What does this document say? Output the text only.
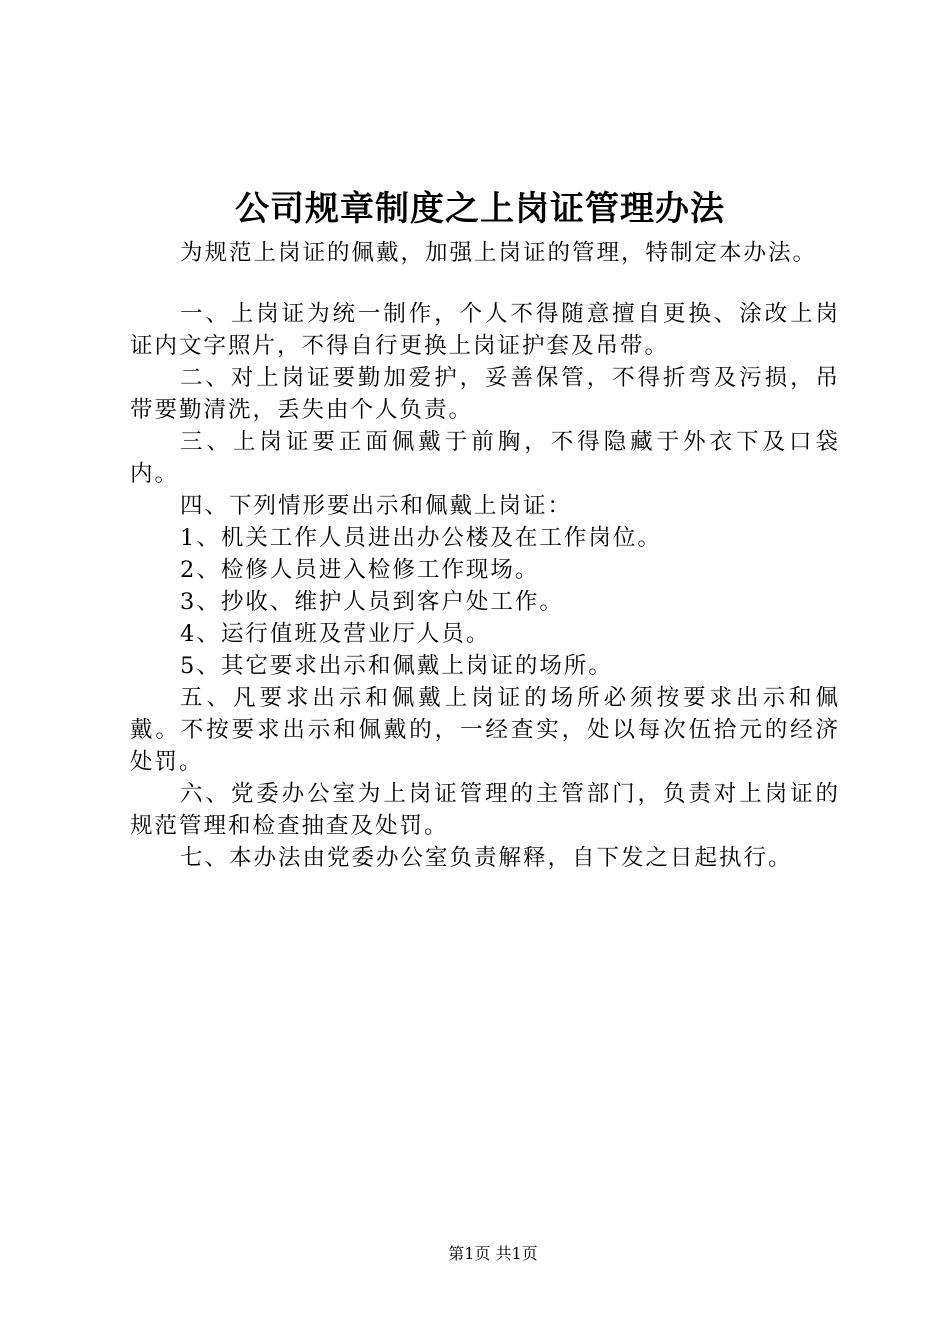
公司规章制度之上岗证管理办法
为规范上岗证的佩戴，加强上岗证的管理，特制定本办法。

一、上岗证为统一制作，个人不得随意擅自更换、涂改上岗证内文字照片，不得自行更换上岗证护套及吊带。

二、对上岗证要勤加爱护，妥善保管，不得折弯及污损，吊带要勤清洗，丢失由个人负责。

三、上岗证要正面佩戴于前胸，不得隐藏于外衣下及口袋内。

四、下列情形要出示和佩戴上岗证：

1、机关工作人员进出办公楼及在工作岗位。

2、检修人员进入检修工作现场。

3、抄收、维护人员到客户处工作。

4、运行值班及营业厅人员。

5、其它要求出示和佩戴上岗证的场所。

五、凡要求出示和佩戴上岗证的场所必须按要求出示和佩戴。不按要求出示和佩戴的，一经查实，处以每次伍拾元的经济处罚。

六、党委办公室为上岗证管理的主管部门，负责对上岗证的规范管理和检查抽查及处罚。

七、本办法由党委办公室负责解释，自下发之日起执行。

第1页 共1页
